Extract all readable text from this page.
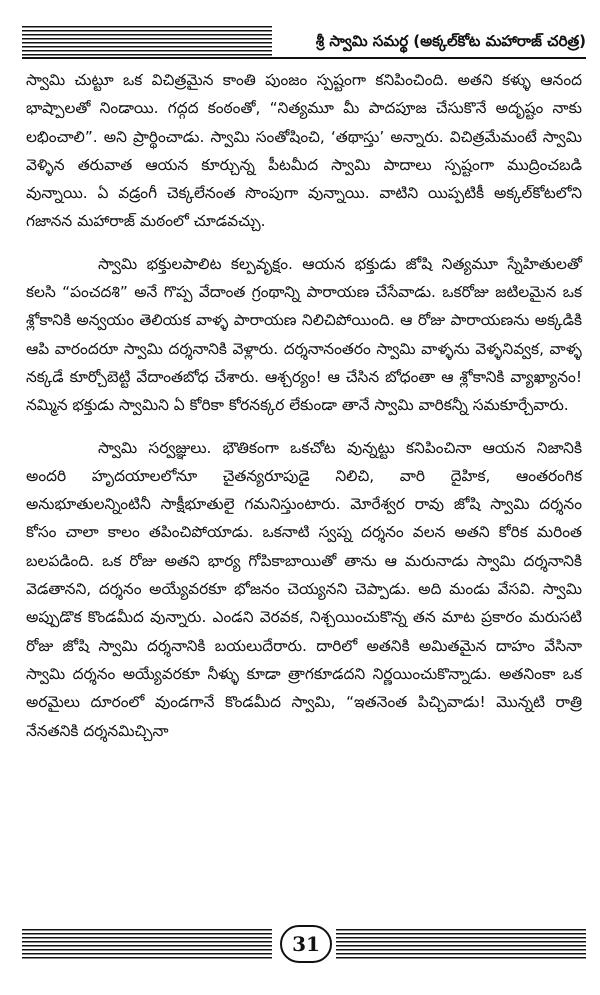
శ్రీ స్వామి సమర్థ (అక్కల్‌కోట మహారాజ్ చరిత్ర)

స్వామి చుట్టూ ఒక విచిత్రమైన కాంతి పుంజం స్పష్టంగా కనిపించింది. అతని కళ్ళు ఆనంద భాష్పాలతో నిండాయి. గద్గద కంఠంతో, “నిత్యమూ మీ పాదపూజ చేసుకొనే అదృష్టం నాకు లభించాలి”. అని ప్రార్థించాడు. స్వామి సంతోషించి, ‘తథాస్తు’ అన్నారు. విచిత్రమేమంటే స్వామి వెళ్ళిన తరువాత ఆయన కూర్చున్న పీటమీద స్వామి పాదాలు స్పష్టంగా ముద్రించబడి వున్నాయి. ఏ వడ్రంగీ చెక్కలేనంత సొంపుగా వున్నాయి. వాటిని యిప్పటికీ అక్కల్‌కోటలోని గజానన మహారాజ్ మఠంలో చూడవచ్చు.

స్వామి భక్తులపాలిట కల్పవృక్షం. ఆయన భక్తుడు జోషి నిత్యమూ స్నేహితులతో కలసి “పంచదశి” అనే గొప్ప వేదాంత గ్రంథాన్ని పారాయణ చేసేవాడు. ఒకరోజు జటిలమైన ఒక శ్లోకానికి అన్వయం తెలియక వాళ్ళ పారాయణ నిలిచిపోయింది. ఆ రోజు పారాయణను అక్కడికి ఆపి వారందరూ స్వామి దర్శనానికి వెళ్లారు. దర్శనానంతరం స్వామి వాళ్ళను వెళ్ళనివ్వక, వాళ్ళ నక్కడే కూర్చోబెట్టి వేదాంతబోధ చేశారు. ఆశ్చర్యం! ఆ చేసిన బోధంతా ఆ శ్లోకానికి వ్యాఖ్యానం! నమ్మిన భక్తుడు స్వామిని ఏ కోరికా కోరనక్కర లేకుండా తానే స్వామి వారికన్నీ సమకూర్చేవారు.

స్వామి సర్వజ్ఞులు. భౌతికంగా ఒకచోట వున్నట్టు కనిపించినా ఆయన నిజానికి అందరి హృదయాలలోనూ చైతన్యరూపుడై నిలిచి, వారి దైహిక, ఆంతరంగిక అనుభూతులన్నింటినీ సాక్షీభూతులై గమనిస్తుంటారు. మోరేశ్వర రావు జోషి స్వామి దర్శనం కోసం చాలా కాలం తపించిపోయాడు. ఒకనాటి స్వప్న దర్శనం వలన అతని కోరిక మరింత బలపడింది. ఒక రోజు అతని భార్య గోపికాబాయితో తాను ఆ మరునాడు స్వామి దర్శనానికి వెడతానని, దర్శనం అయ్యేవరకూ భోజనం చెయ్యనని చెప్పాడు. అది మండు వేసవి. స్వామి అప్పుడొక కొండమీద వున్నారు. ఎండని వెరవక, నిశ్చయించుకొన్న తన మాట ప్రకారం మరుసటి రోజు జోషి స్వామి దర్శనానికి బయలుదేరారు. దారిలో అతనికి అమితమైన దాహం వేసినా స్వామి దర్శనం అయ్యేవరకూ నీళ్ళు కూడా త్రాగకూడదని నిర్ణయించుకొన్నాడు. అతనింకా ఒక అరమైలు దూరంలో వుండగానే కొండమీద స్వామి, “ఇతనెంత పిచ్చివాడు! మొన్నటి రాత్రి నేనతనికి దర్శనమిచ్చినా

31
